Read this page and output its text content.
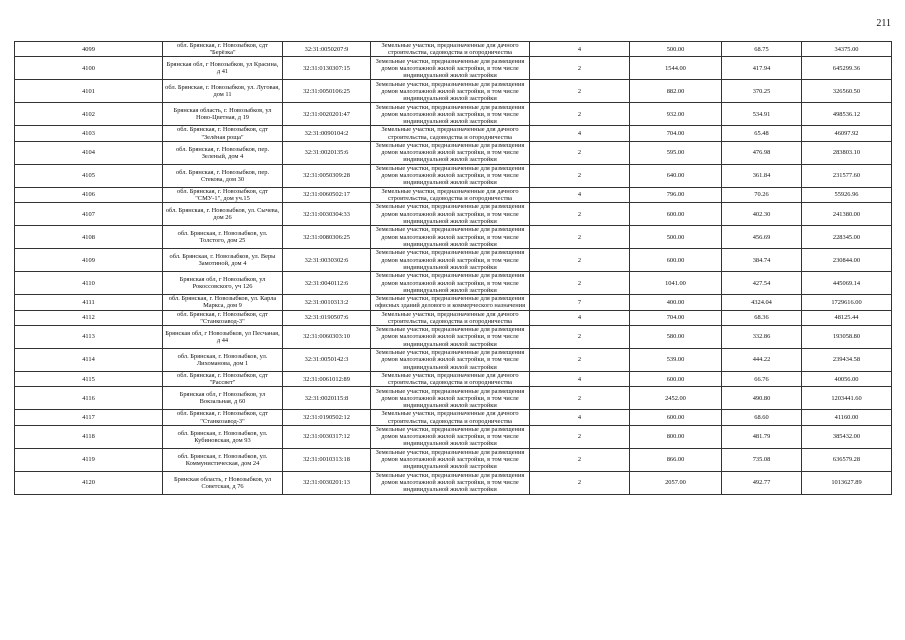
211
4099	обл. Брянская, г. Новозыбков, сдт "Берёзка"	32:31:0050207:9	Земельные участки, предназначенные для дачного строительства, садоводства и огородничества	4	500.00	68.75	34375.00
4100	Брянская обл, г Новозыбков, ул Красина, д 41	32:31:0130307:15	Земельные участки, предназначенные для размещения домов малоэтажной жилой застройки, в том числе индивидуальной жилой застройки	2	1544.00	417.94	645299.36
4101	обл. Брянская, г. Новозыбков, ул. Луговая, дом 11	32:31:0050106:25	Земельные участки, предназначенные для размещения домов малоэтажной жилой застройки, в том числе индивидуальной жилой застройки	2	882.00	370.25	326560.50
4102	Брянская область, г. Новозыбков, ул Ново-Цветная, д 19	32:31:0020201:47	Земельные участки, предназначенные для размещения домов малоэтажной жилой застройки, в том числе индивидуальной жилой застройки	2	932.00	534.91	498536.12
4103	обл. Брянская, г. Новозыбков, сдт "Зелёная роща"	32:31:0090104:2	Земельные участки, предназначенные для дачного строительства, садоводства и огородничества	4	704.00	65.48	46097.92
4104	обл. Брянская, г. Новозыбков, пер. Зеленый, дом 4	32:31:0020135:6	Земельные участки, предназначенные для размещения домов малоэтажной жилой застройки, в том числе индивидуальной жилой застройки	2	595.00	476.98	283803.10
4105	обл. Брянская, г. Новозыбков, пер. Стекова, дом 30	32:31:0050309:28	Земельные участки, предназначенные для размещения домов малоэтажной жилой застройки, в том числе индивидуальной жилой застройки	2	640.00	361.84	231577.60
4106	обл. Брянская, г. Новозыбков, сдт "СМУ-1", дом уч.15	32:31:0060502:17	Земельные участки, предназначенные для дачного строительства, садоводства и огородничества	4	796.00	70.26	55926.96
4107	обл. Брянская, г. Новозыбков, ул. Сычева, дом 26	32:31:0030304:33	Земельные участки, предназначенные для размещения домов малоэтажной жилой застройки, в том числе индивидуальной жилой застройки	2	600.00	402.30	241380.00
4108	обл. Брянская, г. Новозыбков, ул. Толстого, дом 25	32:31:0080306:25	Земельные участки, предназначенные для размещения домов малоэтажной жилой застройки, в том числе индивидуальной жилой застройки	2	500.00	456.69	228345.00
4109	обл. Брянская, г. Новозыбков, ул. Веры Замотиной, дом 4	32:31:0030302:6	Земельные участки, предназначенные для размещения домов малоэтажной жилой застройки, в том числе индивидуальной жилой застройки	2	600.00	384.74	230844.00
4110	Брянская обл, г Новозыбков, ул Рокоссовского, уч 126	32:31:0040112:6	Земельные участки, предназначенные для размещения домов малоэтажной жилой застройки, в том числе индивидуальной жилой застройки	2	1041.00	427.54	445069.14
4111	обл. Брянская, г. Новозыбков, ул. Карла Маркса, дом 9	32:31:0010313:2	Земельные участки, предназначенные для размещения офисных зданий делового и коммерческого назначения	7	400.00	4324.04	1729616.00
4112	обл. Брянская, г. Новозыбков, сдт "Станкозавод-3"	32:31:0190507:6	Земельные участки, предназначенные для дачного строительства, садоводства и огородничества	4	704.00	68.36	48125.44
4113	Брянская обл, г Новозыбков, ул Песчаная, д 44	32:31:0060303:10	Земельные участки, предназначенные для размещения домов малоэтажной жилой застройки, в том числе индивидуальной жилой застройки	2	580.00	332.86	193058.80
4114	обл. Брянская, г. Новозыбков, ул. Лихоманова, дом 1	32:31:0050142:3	Земельные участки, предназначенные для размещения домов малоэтажной жилой застройки, в том числе индивидуальной жилой застройки	2	539.00	444.22	239434.58
4115	обл. Брянская, г. Новозыбков, сдт "Рассвет"	32:31:0061012:89	Земельные участки, предназначенные для дачного строительства, садоводства и огородничества	4	600.00	66.76	40056.00
4116	Брянская обл, г Новозыбков, ул Вокзальная, д 60	32:31:0020115:8	Земельные участки, предназначенные для размещения домов малоэтажной жилой застройки, в том числе индивидуальной жилой застройки	2	2452.00	490.80	1203441.60
4117	обл. Брянская, г. Новозыбков, сдт "Станкозавод-3"	32:31:0190502:12	Земельные участки, предназначенные для дачного строительства, садоводства и огородничества	4	600.00	68.60	41160.00
4118	обл. Брянская, г. Новозыбков, ул. Кубиновская, дом 93	32:31:0030317:12	Земельные участки, предназначенные для размещения домов малоэтажной жилой застройки, в том числе индивидуальной жилой застройки	2	800.00	481.79	385432.00
4119	обл. Брянская, г. Новозыбков, ул. Коммунистическая, дом 24	32:31:0010313:18	Земельные участки, предназначенные для размещения домов малоэтажной жилой застройки, в том числе индивидуальной жилой застройки	2	866.00	735.08	636579.28
4120	Брянская область, г Новозыбков, ул Советская, д 76	32:31:0030201:13	Земельные участки, предназначенные для размещения домов малоэтажной жилой застройки, в том числе индивидуальной жилой застройки	2	2057.00	492.77	1013627.89
